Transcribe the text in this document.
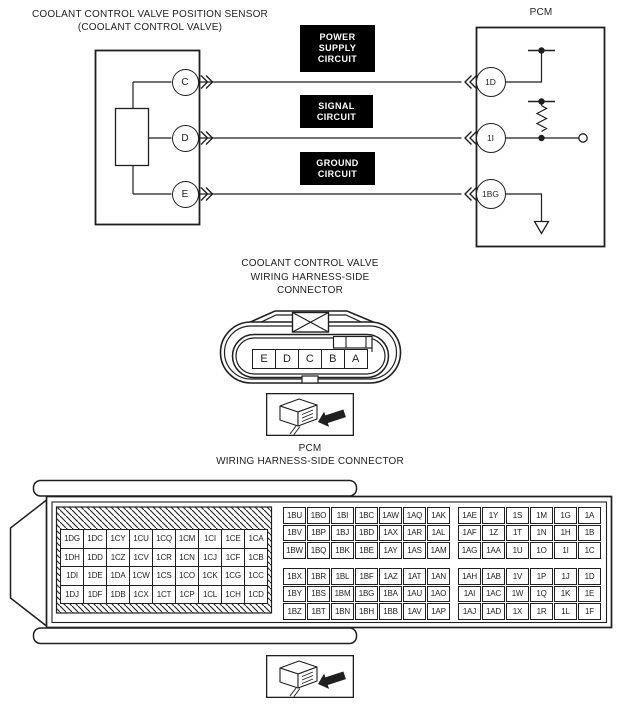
COOLANT CONTROL VALVE POSITION SENSOR
(COOLANT CONTROL VALVE)
PCM
POWER
SUPPLY
CIRCUIT
SIGNAL
CIRCUIT
GROUND
CIRCUIT
C
D
E
1D
1I
1BG
COOLANT CONTROL VALVE
WIRING HARNESS-SIDE
CONNECTOR
E	D	C	B	A
PCM
WIRING HARNESS-SIDE CONNECTOR
1DG 1DC 1CY 1CU 1CQ 1CM	1CI	1CE	1CA
1DH 1DD	1CZ	1CV 1CR 1CN	1CJ	1CF	1CB
1DI	1DE	1DA 1CW 1CS 1CO 1CK 1CG 1CC
1DJ	1DF	1DB	1CX	1CT	1CP	1CL	1CH 1CD
1BU	1BO	1BI	1BC	1AW	1AQ	1AK
1BV	1BP	1BJ	1BD	1AX	1AR	1AL
1BW 1BQ	1BK	1BE	1AY	1AS	1AM
1BX	1BR	1BL	1BF	1AZ	1AT	1AN
1BY	1BS	1BM	1BG	1BA	1AU	1AO
1BZ	1BT	1BN	1BH	1BB	1AV	1AP
1AE	1Y	1S	1M	1G	1A
1AF	1Z	1T	1N	1H	1B
1AG	1AA	1U	1O	1I	1C
1AH	1AB	1V	1P	1J	1D
1AI	1AC	1W	1Q	1K	1E
1AJ	1AD	1X	1R	1L	1F
